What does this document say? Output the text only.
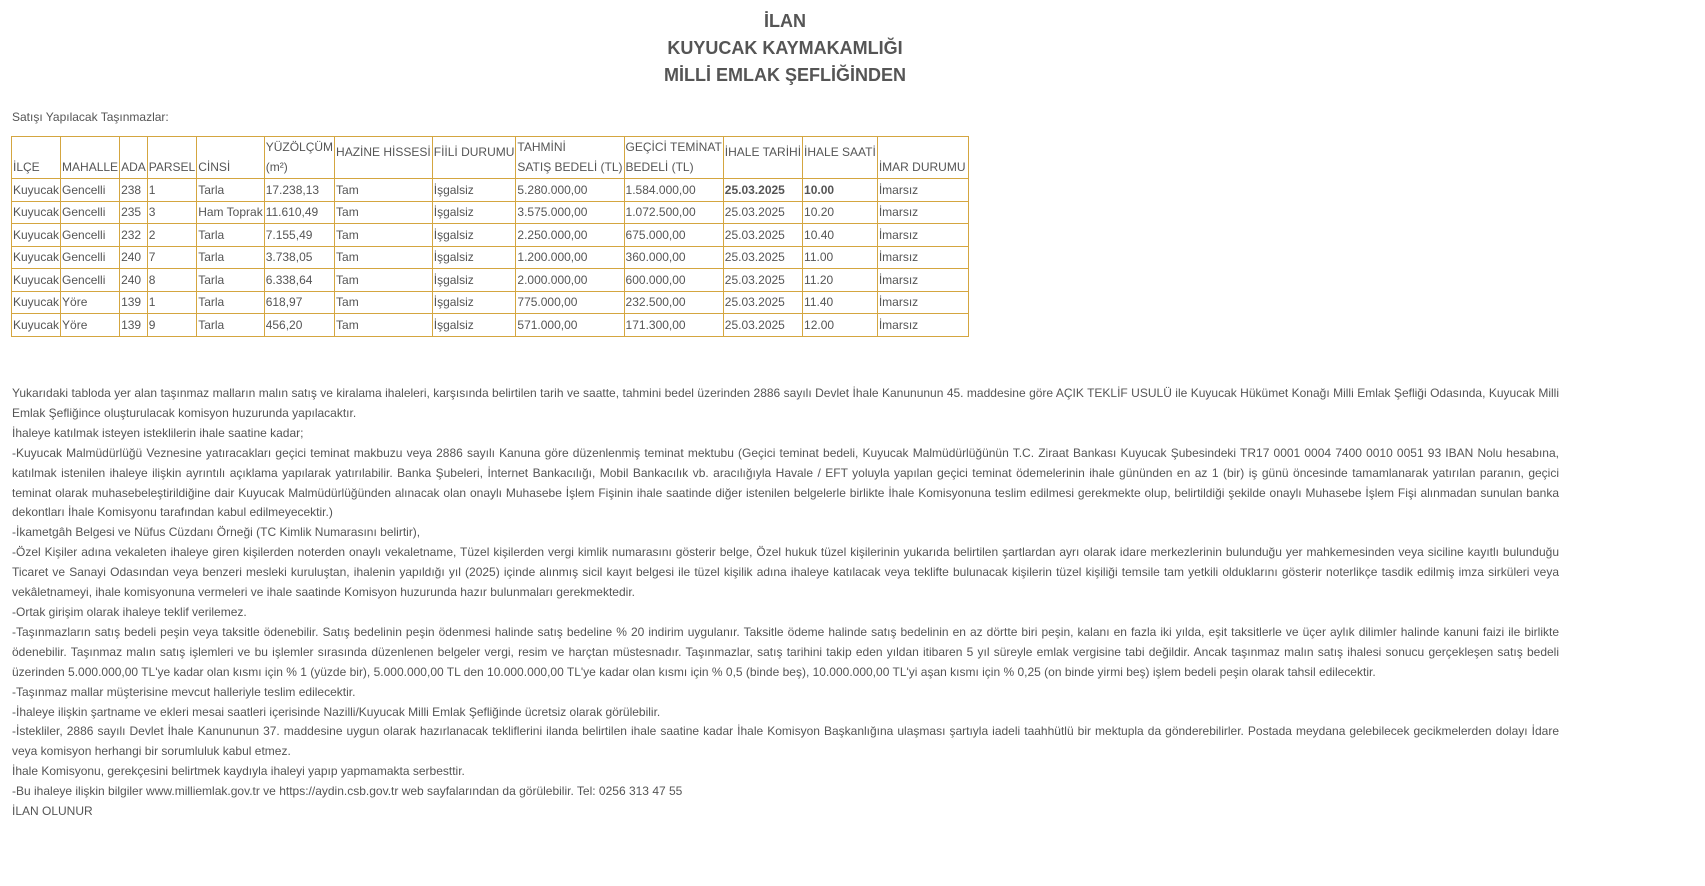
İLAN
KUYUCAK KAYMAKAMLIĞI
MİLLİ EMLAK ŞEFLİĞİNDEN
Satışı Yapılacak Taşınmazlar:
İLÇE	MAHALLE	ADA	PARSEL	CİNSİ	YÜZÖLÇÜM
(m²)	HAZİNE HİSSESİ	FİİLİ DURUMU	TAHMİNİ
SATIŞ BEDELİ (TL)	GEÇİCİ TEMİNAT
BEDELİ (TL)	İHALE TARİHİ	İHALE SAATİ	İMAR DURUMU
Kuyucak	Gencelli	238	1	Tarla	17.238,13	Tam	İşgalsiz	5.280.000,00	1.584.000,00	25.03.2025	10.00	İmarsız
Kuyucak	Gencelli	235	3	Ham Toprak	11.610,49	Tam	İşgalsiz	3.575.000,00	1.072.500,00	25.03.2025	10.20	İmarsız
Kuyucak	Gencelli	232	2	Tarla	7.155,49	Tam	İşgalsiz	2.250.000,00	675.000,00	25.03.2025	10.40	İmarsız
Kuyucak	Gencelli	240	7	Tarla	3.738,05	Tam	İşgalsiz	1.200.000,00	360.000,00	25.03.2025	11.00	İmarsız
Kuyucak	Gencelli	240	8	Tarla	6.338,64	Tam	İşgalsiz	2.000.000,00	600.000,00	25.03.2025	11.20	İmarsız
Kuyucak	Yöre	139	1	Tarla	618,97	Tam	İşgalsiz	775.000,00	232.500,00	25.03.2025	11.40	İmarsız
Kuyucak	Yöre	139	9	Tarla	456,20	Tam	İşgalsiz	571.000,00	171.300,00	25.03.2025	12.00	İmarsız

Yukarıdaki tabloda yer alan taşınmaz malların malın satış ve kiralama ihaleleri, karşısında belirtilen tarih ve saatte, tahmini bedel üzerinden 2886 sayılı Devlet İhale Kanununun 45. maddesine göre AÇIK TEKLİF USULÜ ile Kuyucak Hükümet Konağı Milli Emlak Şefliği Odasında, Kuyucak Milli Emlak Şefliğince oluşturulacak komisyon huzurunda yapılacaktır.

İhaleye katılmak isteyen isteklilerin ihale saatine kadar;

-Kuyucak Malmüdürlüğü Veznesine yatıracakları geçici teminat makbuzu veya 2886 sayılı Kanuna göre düzenlenmiş teminat mektubu (Geçici teminat bedeli, Kuyucak Malmüdürlüğünün T.C. Ziraat Bankası Kuyucak Şubesindeki TR17 0001 0004 7400 0010 0051 93 IBAN Nolu hesabına, katılmak istenilen ihaleye ilişkin ayrıntılı açıklama yapılarak yatırılabilir. Banka Şubeleri, İnternet Bankacılığı, Mobil Bankacılık vb. aracılığıyla Havale / EFT yoluyla yapılan geçici teminat ödemelerinin ihale gününden en az 1 (bir) iş günü öncesinde tamamlanarak yatırılan paranın, geçici teminat olarak muhasebeleştirildiğine dair Kuyucak Malmüdürlüğünden alınacak olan onaylı Muhasebe İşlem Fişinin ihale saatinde diğer istenilen belgelerle birlikte İhale Komisyonuna teslim edilmesi gerekmekte olup, belirtildiği şekilde onaylı Muhasebe İşlem Fişi alınmadan sunulan banka dekontları İhale Komisyonu tarafından kabul edilmeyecektir.)

-İkametgâh Belgesi ve Nüfus Cüzdanı Örneği (TC Kimlik Numarasını belirtir),

-Özel Kişiler adına vekaleten ihaleye giren kişilerden noterden onaylı vekaletname, Tüzel kişilerden vergi kimlik numarasını gösterir belge, Özel hukuk tüzel kişilerinin yukarıda belirtilen şartlardan ayrı olarak idare merkezlerinin bulunduğu yer mahkemesinden veya siciline kayıtlı bulunduğu Ticaret ve Sanayi Odasından veya benzeri mesleki kuruluştan, ihalenin yapıldığı yıl (2025) içinde alınmış sicil kayıt belgesi ile tüzel kişilik adına ihaleye katılacak veya teklifte bulunacak kişilerin tüzel kişiliği temsile tam yetkili olduklarını gösterir noterlikçe tasdik edilmiş imza sirküleri veya vekâletnameyi, ihale komisyonuna vermeleri ve ihale saatinde Komisyon huzurunda hazır bulunmaları gerekmektedir.

-Ortak girişim olarak ihaleye teklif verilemez.

-Taşınmazların satış bedeli peşin veya taksitle ödenebilir. Satış bedelinin peşin ödenmesi halinde satış bedeline % 20 indirim uygulanır. Taksitle ödeme halinde satış bedelinin en az dörtte biri peşin, kalanı en fazla iki yılda, eşit taksitlerle ve üçer aylık dilimler halinde kanuni faizi ile birlikte ödenebilir. Taşınmaz malın satış işlemleri ve bu işlemler sırasında düzenlenen belgeler vergi, resim ve harçtan müstesnadır. Taşınmazlar, satış tarihini takip eden yıldan itibaren 5 yıl süreyle emlak vergisine tabi değildir. Ancak taşınmaz malın satış ihalesi sonucu gerçekleşen satış bedeli üzerinden 5.000.000,00 TL'ye kadar olan kısmı için % 1 (yüzde bir), 5.000.000,00 TL den 10.000.000,00 TL'ye kadar olan kısmı için % 0,5 (binde beş), 10.000.000,00 TL'yi aşan kısmı için % 0,25 (on binde yirmi beş) işlem bedeli peşin olarak tahsil edilecektir.

-Taşınmaz mallar müşterisine mevcut halleriyle teslim edilecektir.

-İhaleye ilişkin şartname ve ekleri mesai saatleri içerisinde Nazilli/Kuyucak Milli Emlak Şefliğinde ücretsiz olarak görülebilir.

-İstekliler, 2886 sayılı Devlet İhale Kanununun 37. maddesine uygun olarak hazırlanacak tekliflerini ilanda belirtilen ihale saatine kadar İhale Komisyon Başkanlığına ulaşması şartıyla iadeli taahhütlü bir mektupla da gönderebilirler. Postada meydana gelebilecek gecikmelerden dolayı İdare veya komisyon herhangi bir sorumluluk kabul etmez.

İhale Komisyonu, gerekçesini belirtmek kaydıyla ihaleyi yapıp yapmamakta serbesttir.

-Bu ihaleye ilişkin bilgiler www.milliemlak.gov.tr ve https://aydin.csb.gov.tr web sayfalarından da görülebilir. Tel: 0256 313 47 55

İLAN OLUNUR
